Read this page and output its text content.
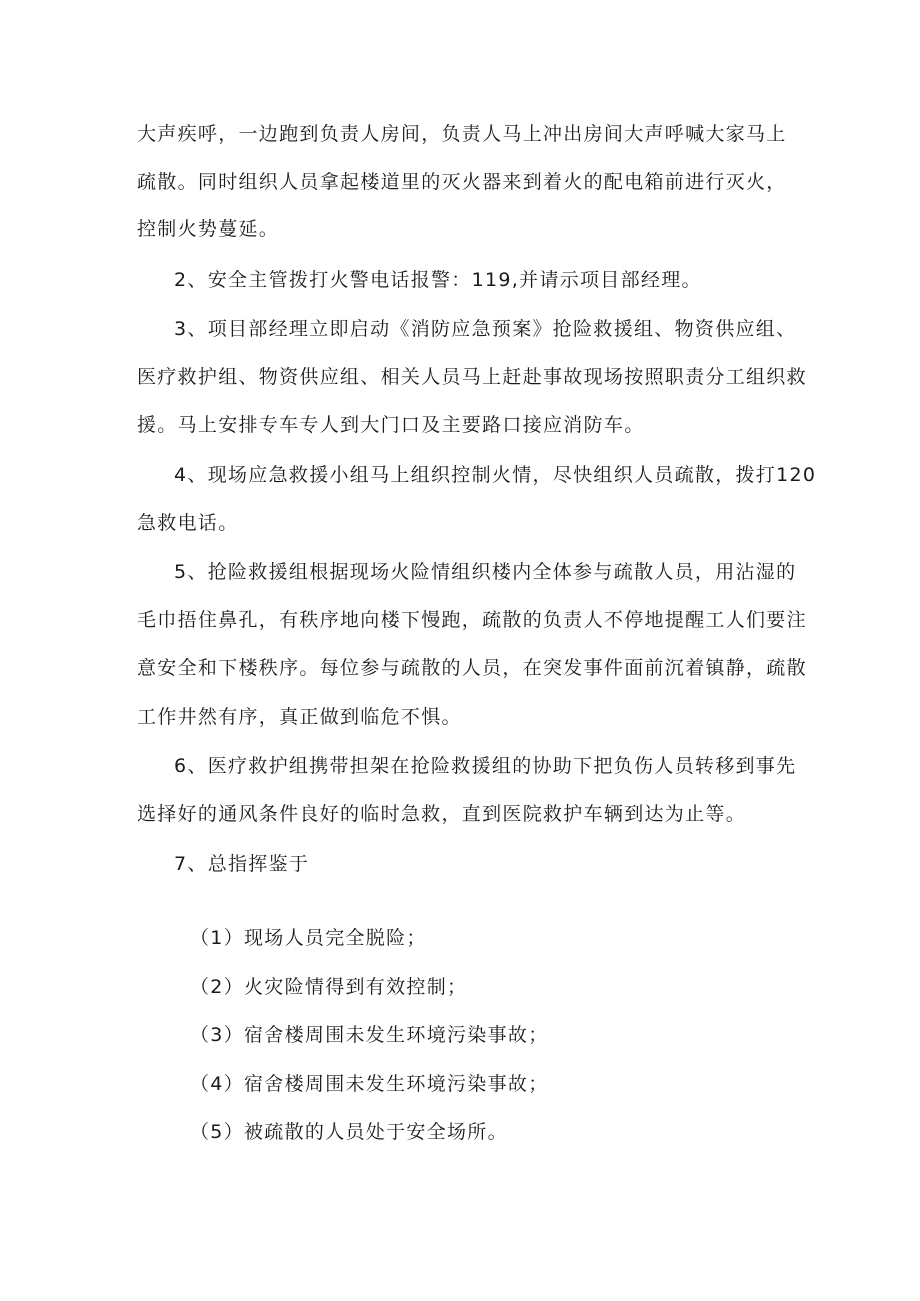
大声疾呼，一边跑到负责人房间，负责人马上冲出房间大声呼喊大家马上
疏散。同时组织人员拿起楼道里的灭火器来到着火的配电箱前进行灭火，
控制火势蔓延。
2、安全主管拨打火警电话报警：119,并请示项目部经理。
3、项目部经理立即启动《消防应急预案》抢险救援组、物资供应组、
医疗救护组、物资供应组、相关人员马上赶赴事故现场按照职责分工组织救
援。马上安排专车专人到大门口及主要路口接应消防车。
4、现场应急救援小组马上组织控制火情，尽快组织人员疏散，拨打120
急救电话。
5、抢险救援组根据现场火险情组织楼内全体参与疏散人员，用沾湿的
毛巾捂住鼻孔，有秩序地向楼下慢跑，疏散的负责人不停地提醒工人们要注
意安全和下楼秩序。每位参与疏散的人员，在突发事件面前沉着镇静，疏散
工作井然有序，真正做到临危不惧。
6、医疗救护组携带担架在抢险救援组的协助下把负伤人员转移到事先
选择好的通风条件良好的临时急救，直到医院救护车辆到达为止等。
7、总指挥鉴于
（1）现场人员完全脱险；
（2）火灾险情得到有效控制；
（3）宿舍楼周围未发生环境污染事故；
（4）宿舍楼周围未发生环境污染事故；
（5）被疏散的人员处于安全场所。
